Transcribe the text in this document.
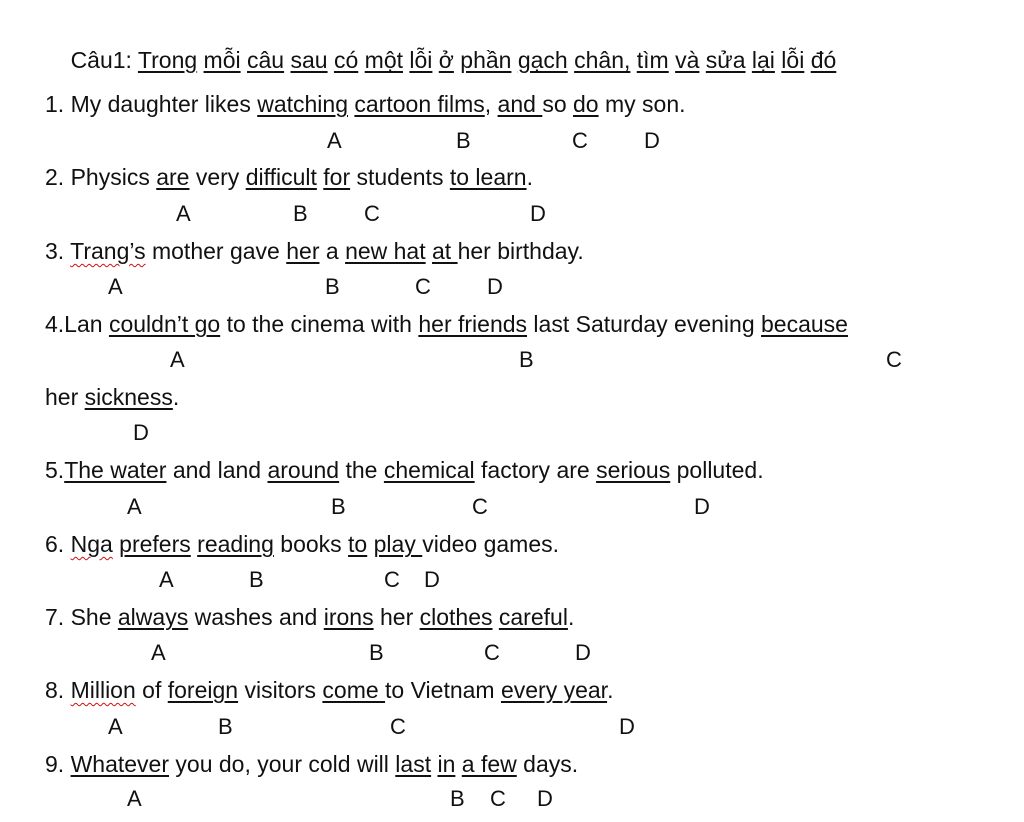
Câu1: Trong mỗi câu sau có một lỗi ở phần gạch chân, tìm và sửa lại lỗi đó

1. My daughter likes watching cartoon films, and so do my son.
A	B	C	D
2. Physics are very difficult for students to learn.
A	B	C	D
3. Trang’s mother gave her a new hat at her birthday.
A	B	C	D
4.Lan couldn’t go to the cinema with her friends last Saturday evening because
A	B	C
her sickness.
D
5.The water and land around the chemical factory are serious polluted.
A	B	C	D
6. Nga prefers reading books to play video games.
A	B	C D
7. She always washes and irons her clothes careful.
A	B	C	D
8. Million of foreign visitors come to Vietnam every year.
A	B	C	D
9. Whatever you do, your cold will last in a few days.
A	B C D
